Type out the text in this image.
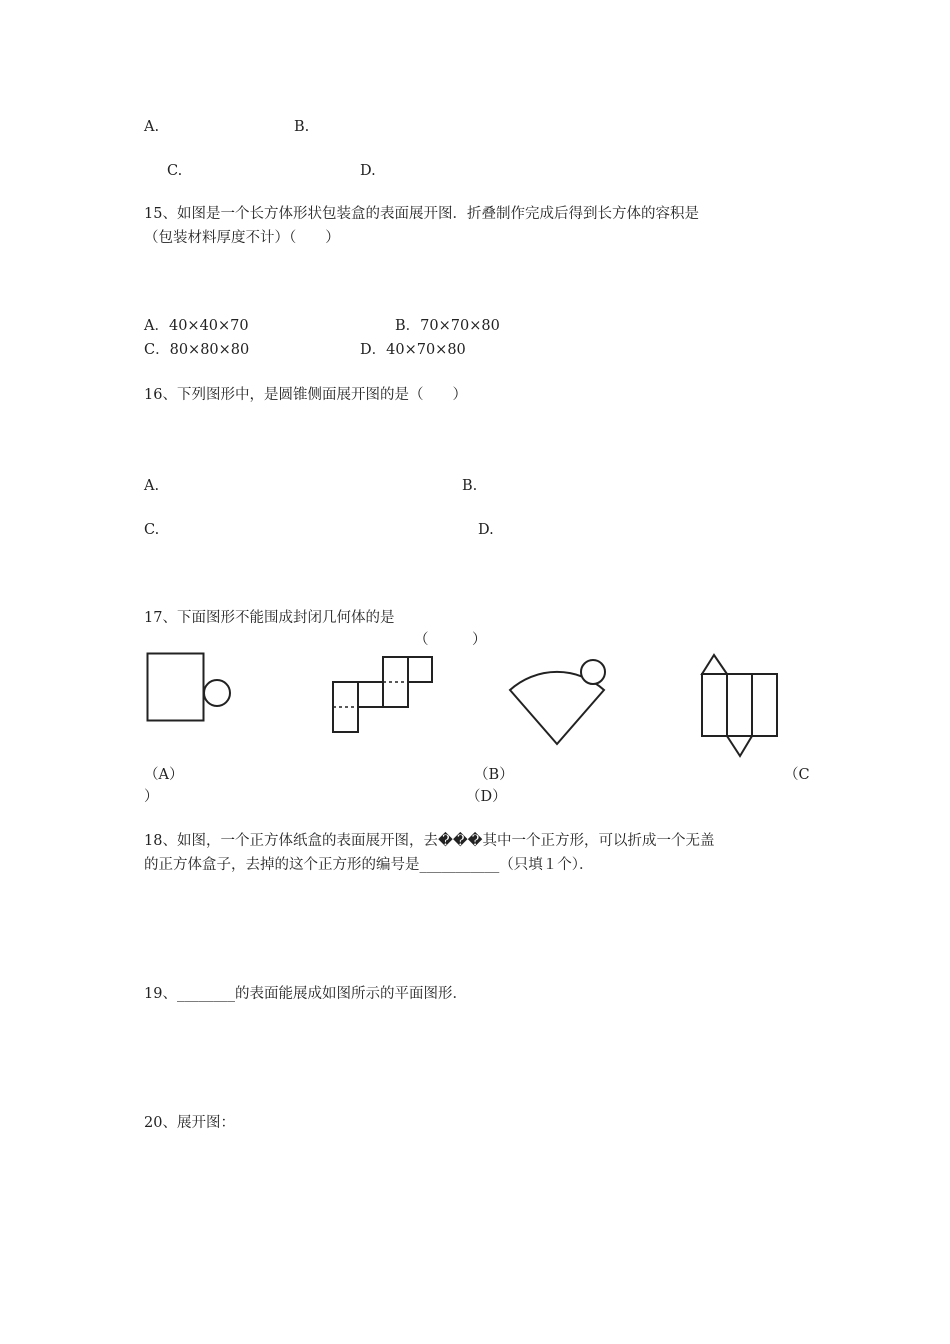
A.	B.
C.	D.
15、如图是一个长方体形状包装盒的表面展开图．折叠制作完成后得到长方体的容积是
（包装材料厚度不计）（　　）
A．40×40×70	B．70×70×80
C．80×80×80	D．40×70×80
16、下列图形中，是圆锥侧面展开图的是（　　）
A.	B.
C.	D.
17、下面图形不能围成封闭几何体的是
（　　　）
（A）	（B）	（C
）	（D）
18、如图，一个正方体纸盒的表面展开图，去���其中一个正方形，可以折成一个无盖
的正方体盒子，去掉的这个正方形的编号是___________（只填１个）．
19、________的表面能展成如图所示的平面图形．
20、展开图：
